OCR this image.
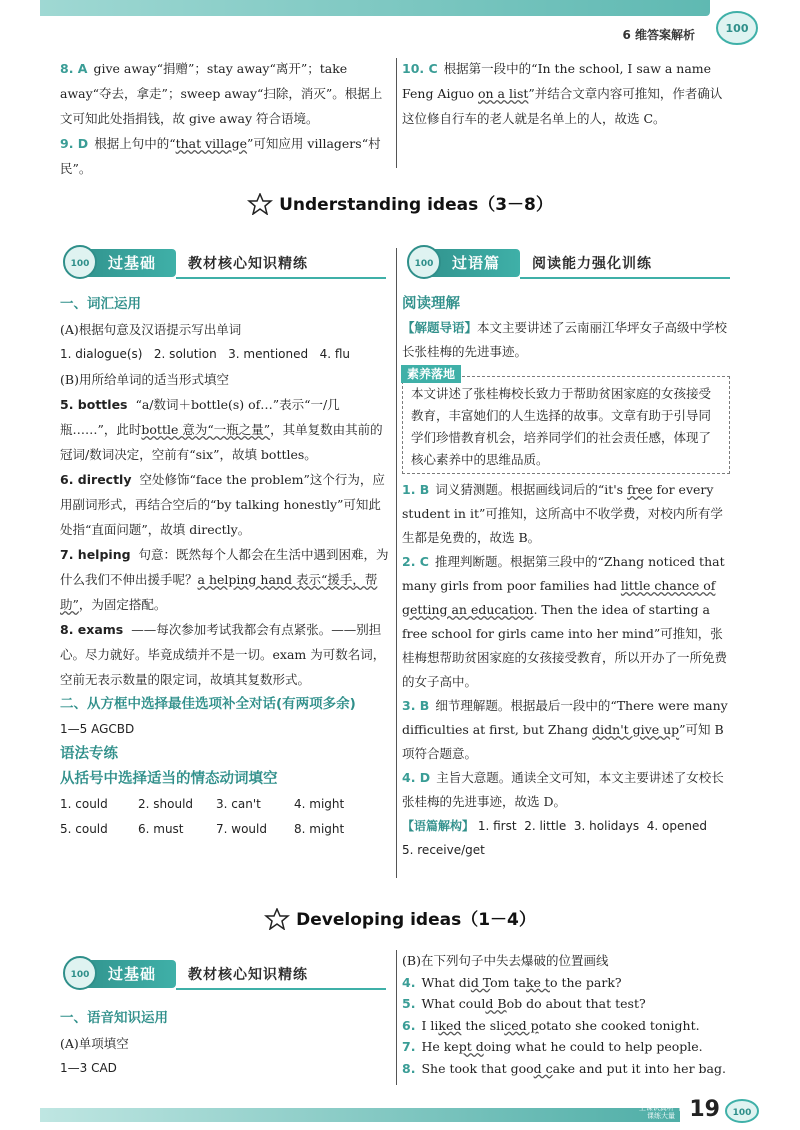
6 维答案解析	100

8. A give away“捐赠”；stay away“离开”；take away“夺去，拿走”；sweep away“扫除，消灭”。根据上文可知此处指捐钱，故 give away 符合语境。

9. D 根据上句中的“that village”可知应用 villagers“村民”。

10. C 根据第一段中的“In the school, I saw a name Feng Aiguo on a list”并结合文章内容可推知，作者确认这位修自行车的老人就是名单上的人，故选 C。

Understanding ideas（3－8）
过基础
100	教材核心知识精练

一、词汇运用

(A)根据句意及汉语提示写出单词

1. dialogue(s) 2. solution 3. mentioned 4. flu

(B)用所给单词的适当形式填空

5. bottles “a/数词＋bottle(s) of…”表示“一/几瓶……”，此时bottle 意为“一瓶之量”，其单复数由其前的冠词/数词决定，空前有“six”，故填 bottles。

6. directly 空处修饰“face the problem”这个行为，应用副词形式，再结合空后的“by talking honestly”可知此处指“直面问题”，故填 directly。

7. helping 句意：既然每个人都会在生活中遇到困难，为什么我们不伸出援手呢？a helping hand 表示“援手，帮助”，为固定搭配。

8. exams ——每次参加考试我都会有点紧张。——别担心。尽力就好。毕竟成绩并不是一切。exam 为可数名词，空前无表示数量的限定词，故填其复数形式。

二、从方框中选择最佳选项补全对话(有两项多余)

1—5 AGCBD

语法专练

从括号中选择适当的情态动词填空

1. could	2. should	3. can't	4. might

5. could	6. must	7. would	8. might

过语篇
100	阅读能力强化训练

阅读理解

【解题导语】本文主要讲述了云南丽江华坪女子高级中学校长张桂梅的先进事迹。

素养落地

本文讲述了张桂梅校长致力于帮助贫困家庭的女孩接受教育，丰富她们的人生选择的故事。文章有助于引导同学们珍惜教育机会，培养同学们的社会责任感，体现了核心素养中的思维品质。

1. B 词义猜测题。根据画线词后的“it's free for every student in it”可推知，这所高中不收学费，对校内所有学生都是免费的，故选 B。

2. C 推理判断题。根据第三段中的“Zhang noticed that many girls from poor families had little chance of getting an education. Then the idea of starting a free school for girls came into her mind”可推知，张桂梅想帮助贫困家庭的女孩接受教育，所以开办了一所免费的女子高中。

3. B 细节理解题。根据最后一段中的“There were many difficulties at first, but Zhang didn't give up”可知 B 项符合题意。

4. D 主旨大意题。通读全文可知，本文主要讲述了女校长张桂梅的先进事迹，故选 D。

【语篇解构】 1. first 2. little 3. holidays 4. opened

5. receive/get

Developing ideas（1－4）
过基础
100	教材核心知识精练

一、语音知识运用

(A)单项填空

1—3 CAD

(B)在下列句子中失去爆破的位置画线

4. What did Tom take to the park?

5. What could Bob do about that test?

6. I liked the sliced potato she cooked tonight.

7. He kept doing what he could to help people.

8. She took that good cake and put it into her bag.

上课认真听 下课练大量 19 100
